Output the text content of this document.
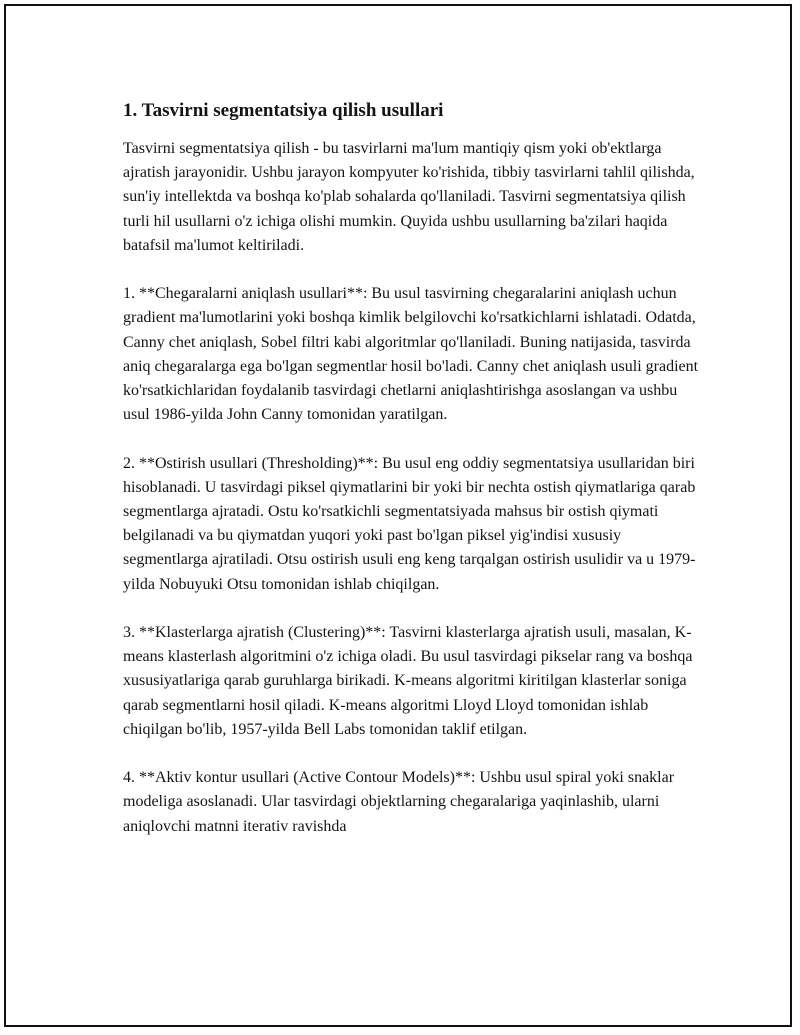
1. Tasvirni segmentatsiya qilish usullari

Tasvirni segmentatsiya qilish - bu tasvirlarni ma'lum mantiqiy qism yoki ob'ektlarga ajratish jarayonidir. Ushbu jarayon kompyuter ko'rishida, tibbiy tasvirlarni tahlil qilishda, sun'iy intellektda va boshqa ko'plab sohalarda qo'llaniladi. Tasvirni segmentatsiya qilish turli hil usullarni o'z ichiga olishi mumkin. Quyida ushbu usullarning ba'zilari haqida batafsil ma'lumot keltiriladi.

1. **Chegaralarni aniqlash usullari**: Bu usul tasvirning chegaralarini aniqlash uchun gradient ma'lumotlarini yoki boshqa kimlik belgilovchi ko'rsatkichlarni ishlatadi. Odatda, Canny chet aniqlash, Sobel filtri kabi algoritmlar qo'llaniladi. Buning natijasida, tasvirda aniq chegaralarga ega bo'lgan segmentlar hosil bo'ladi. Canny chet aniqlash usuli gradient ko'rsatkichlaridan foydalanib tasvirdagi chetlarni aniqlashtirishga asoslangan va ushbu usul 1986-yilda John Canny tomonidan yaratilgan.

2. **Ostirish usullari (Thresholding)**: Bu usul eng oddiy segmentatsiya usullaridan biri hisoblanadi. U tasvirdagi piksel qiymatlarini bir yoki bir nechta ostish qiymatlariga qarab segmentlarga ajratadi. Ostu ko'rsatkichli segmentatsiyada mahsus bir ostish qiymati belgilanadi va bu qiymatdan yuqori yoki past bo'lgan piksel yig'indisi xususiy segmentlarga ajratiladi. Otsu ostirish usuli eng keng tarqalgan ostirish usulidir va u 1979-yilda Nobuyuki Otsu tomonidan ishlab chiqilgan.

3. **Klasterlarga ajratish (Clustering)**: Tasvirni klasterlarga ajratish usuli, masalan, K-means klasterlash algoritmini o'z ichiga oladi. Bu usul tasvirdagi pikselar rang va boshqa xususiyatlariga qarab guruhlarga birikadi. K-means algoritmi kiritilgan klasterlar soniga qarab segmentlarni hosil qiladi. K-means algoritmi Lloyd Lloyd tomonidan ishlab chiqilgan bo'lib, 1957-yilda Bell Labs tomonidan taklif etilgan.

4. **Aktiv kontur usullari (Active Contour Models)**: Ushbu usul spiral yoki snaklar modeliga asoslanadi. Ular tasvirdagi objektlarning chegaralariga yaqinlashib, ularni aniqlovchi matnni iterativ ravishda
